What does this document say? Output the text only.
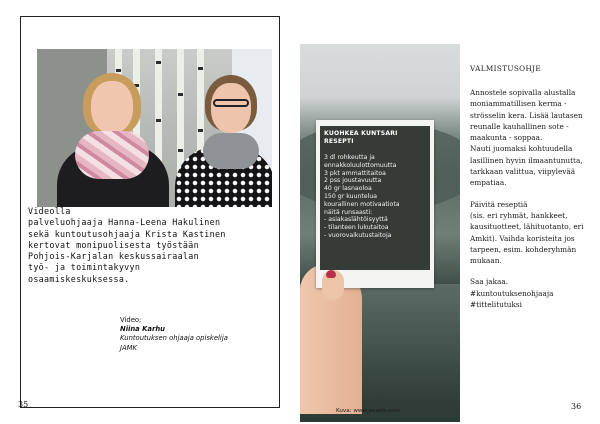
Videolla
palveluohjaaja Hanna-Leena Hakulinen
sekä kuntoutusohjaaja Krista Kastinen
kertovat monipuolisesta työstään
Pohjois-Karjalan keskussairaalan
työ- ja toimintakyvyn
osaamiskeskuksessa.
Video;
Niina Karhu
Kuntoutuksen ohjaaja opiskelija
JAMK
35
KUOHKEA KUNTSARI RESEPTI
3 dl rohkeutta ja
ennakkoluulottomuutta
3 pkt ammattitaitoa
2 pss joustavuutta
40 gr lasnaoloa
150 gr kuuntelua
kourallinen motivaatiota
näitä runsaasti:
- asiakaslähtöisyyttä
- tilanteen lukutaitoa
- vuorovaikutustaitoja
Kuva: www.pexels.com
VALMISTUSOHJE

Annostele sopivalla alustalla
moniammatillisen kerma -
strösselin kera. Lisää lautasen
reunalle kauhallinen sote -
maakunta - soppaa.
Nauti juomaksi kohtuudella
lasillinen hyvin ilmaantunutta,
tarkkaan valittua, viipylevää
empatiaa.

Päivitä reseptiä
(sis. eri ryhmät, hankkeet,
kausituotteet, lähituotanto, eri
Amkit). Vaihda koristeita jos
tarpeen, esim. kohderyhmän
mukaan.

Saa jakaa.
#kuntoutuksenohjaaja
#tittelitutuksi

36
